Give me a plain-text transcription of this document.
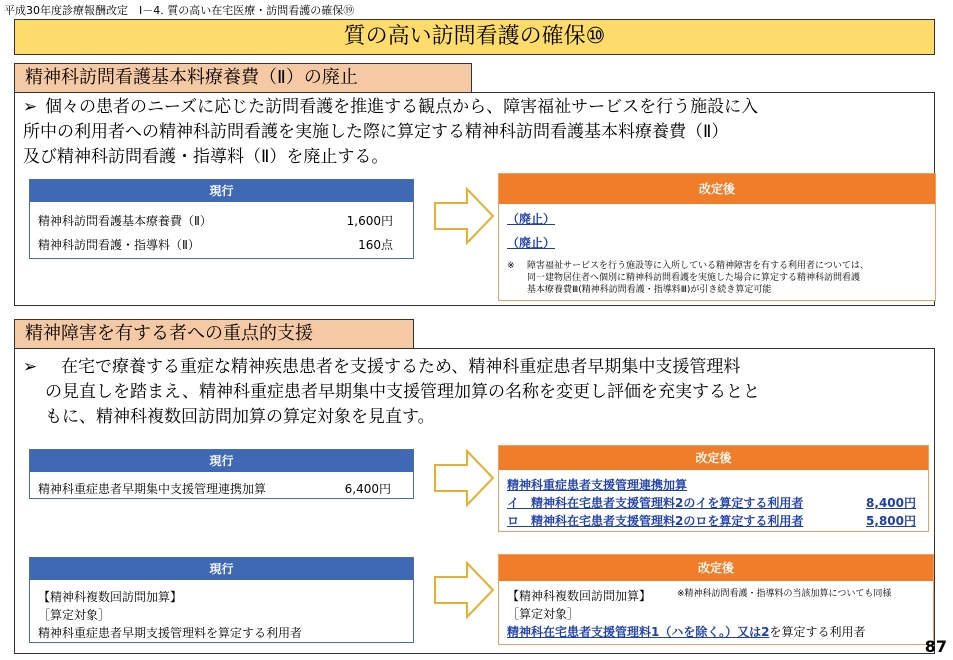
平成30年度診療報酬改定　Ⅰ－4. 質の高い在宅医療・訪問看護の確保⑲
質の高い訪問看護の確保⑩
精神科訪問看護基本料療養費（Ⅱ）の廃止
➢ 個々の患者のニーズに応じた訪問看護を推進する観点から、障害福祉サービスを行う施設に入
所中の利用者への精神科訪問看護を実施した際に算定する精神科訪問看護基本料療養費（Ⅱ）
及び精神科訪問看護・指導料（Ⅱ）を廃止する。
現行
精神科訪問看護基本療養費（Ⅱ）	1,600円
精神科訪問看護・指導料（Ⅱ）	160点
改定後
（廃止）
（廃止）
※ 障害福祉サービスを行う施設等に入所している精神障害を有する利用者については、
同一建物居住者へ個別に精神科訪問看護を実施した場合に算定する精神科訪問看護
基本療養費Ⅲ(精神科訪問看護・指導料Ⅲ)が引き続き算定可能
精神障害を有する者への重点的支援
➢	在宅で療養する重症な精神疾患患者を支援するため、精神科重症患者早期集中支援管理料
の見直しを踏まえ、精神科重症患者早期集中支援管理加算の名称を変更し評価を充実するとと
もに、精神科複数回訪問加算の算定対象を見直す。
現行
精神科重症患者早期集中支援管理連携加算	6,400円
改定後
精神科重症患者支援管理連携加算
イ　精神科在宅患者支援管理料2のイを算定する利用者	8,400円
ロ　精神科在宅患者支援管理料2のロを算定する利用者	5,800円
現行
【精神科複数回訪問加算】
［算定対象］
精神科重症患者早期支援管理料を算定する利用者
改定後
【精神科複数回訪問加算】	※精神科訪問看護・指導料の当該加算についても同様
［算定対象］
精神科在宅患者支援管理料1（ハを除く。）又は2を算定する利用者
87
